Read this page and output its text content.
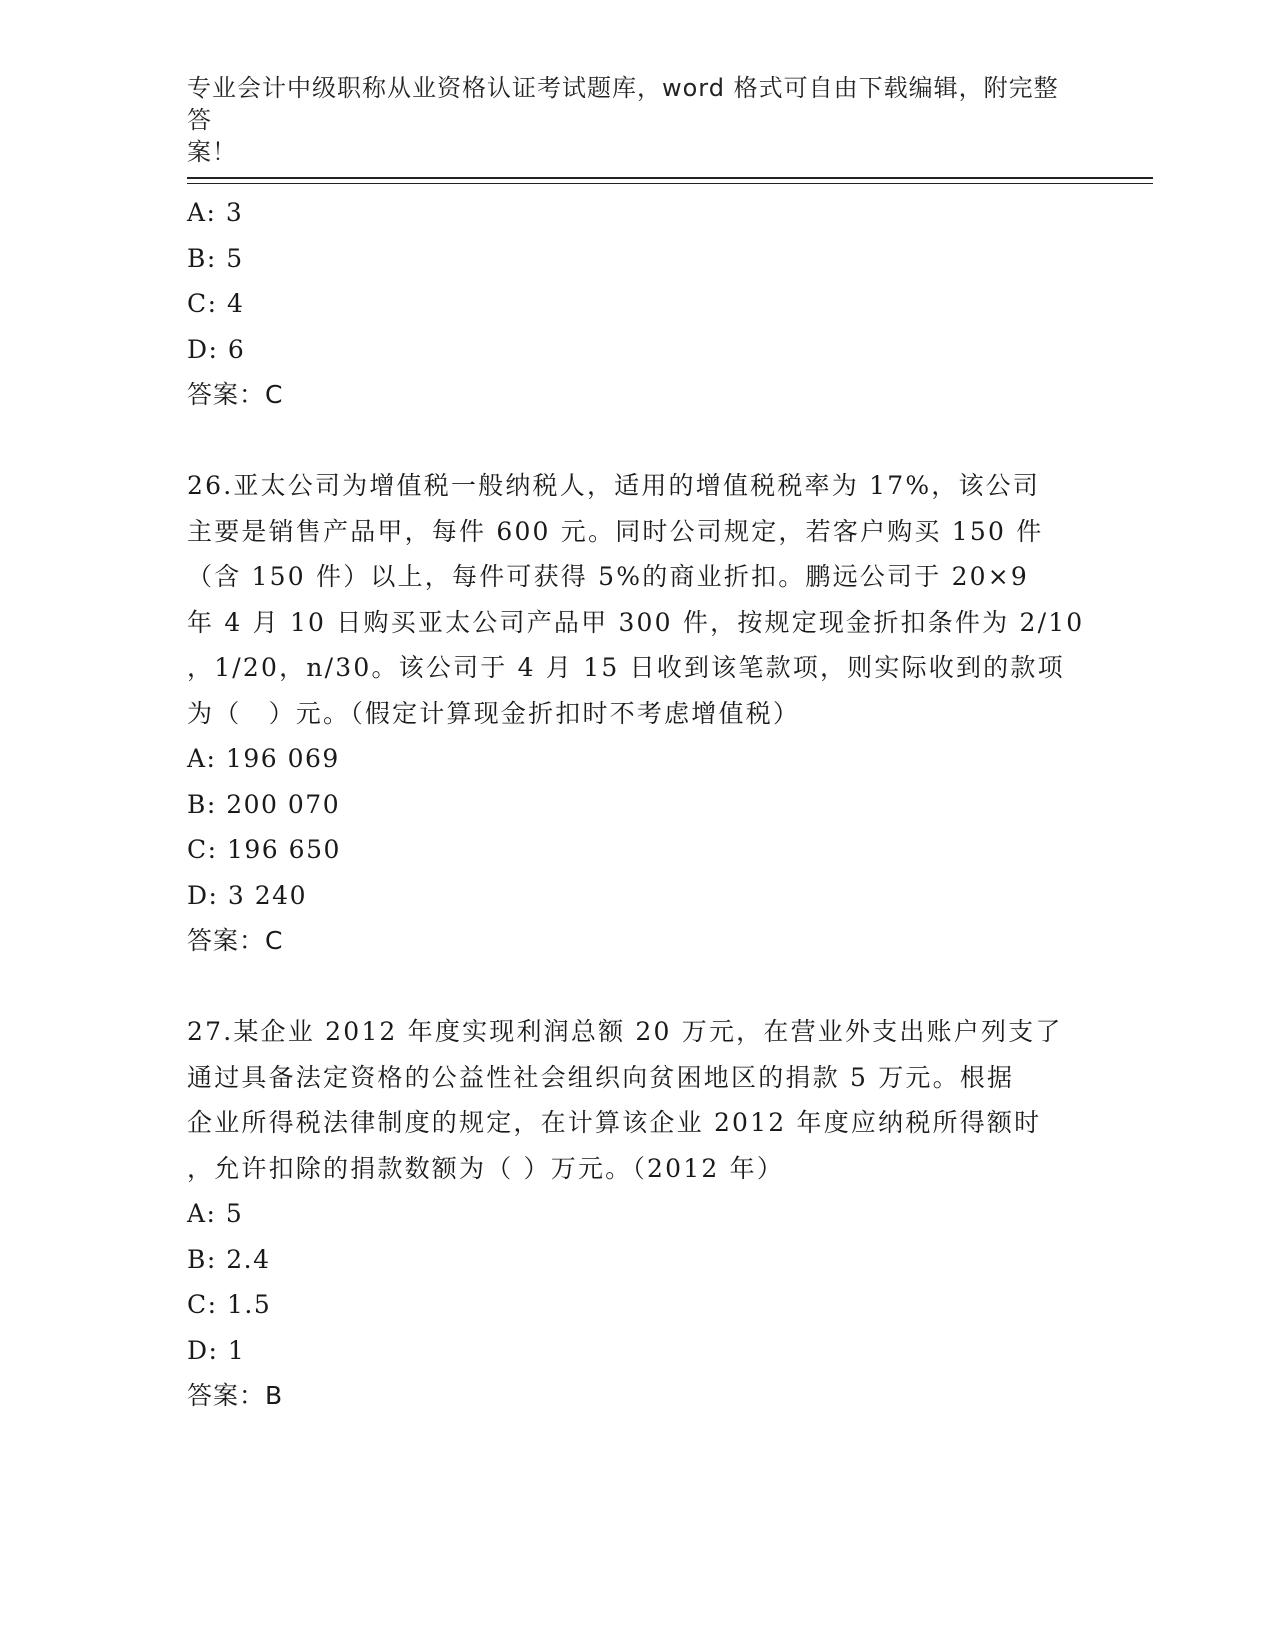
专业会计中级职称从业资格认证考试题库，word 格式可自由下载编辑，附完整答
案！
A: 3
B: 5
C: 4
D: 6
答案：C
26.亚太公司为增值税一般纳税人，适用的增值税税率为 17%，该公司
主要是销售产品甲，每件 600 元。同时公司规定，若客户购买 150 件
（含 150 件）以上，每件可获得 5%的商业折扣。鹏远公司于 20×9
年 4 月 10 日购买亚太公司产品甲 300 件，按规定现金折扣条件为 2/10
，1/20，n/30。该公司于 4 月 15 日收到该笔款项，则实际收到的款项
为（　）元。（假定计算现金折扣时不考虑增值税）
A: 196 069
B: 200 070
C: 196 650
D: 3 240
答案：C
27.某企业 2012 年度实现利润总额 20 万元，在营业外支出账户列支了
通过具备法定资格的公益性社会组织向贫困地区的捐款 5 万元。根据
企业所得税法律制度的规定，在计算该企业 2012 年度应纳税所得额时
，允许扣除的捐款数额为（ ）万元。（2012 年）
A: 5
B: 2.4
C: 1.5
D: 1
答案：B
